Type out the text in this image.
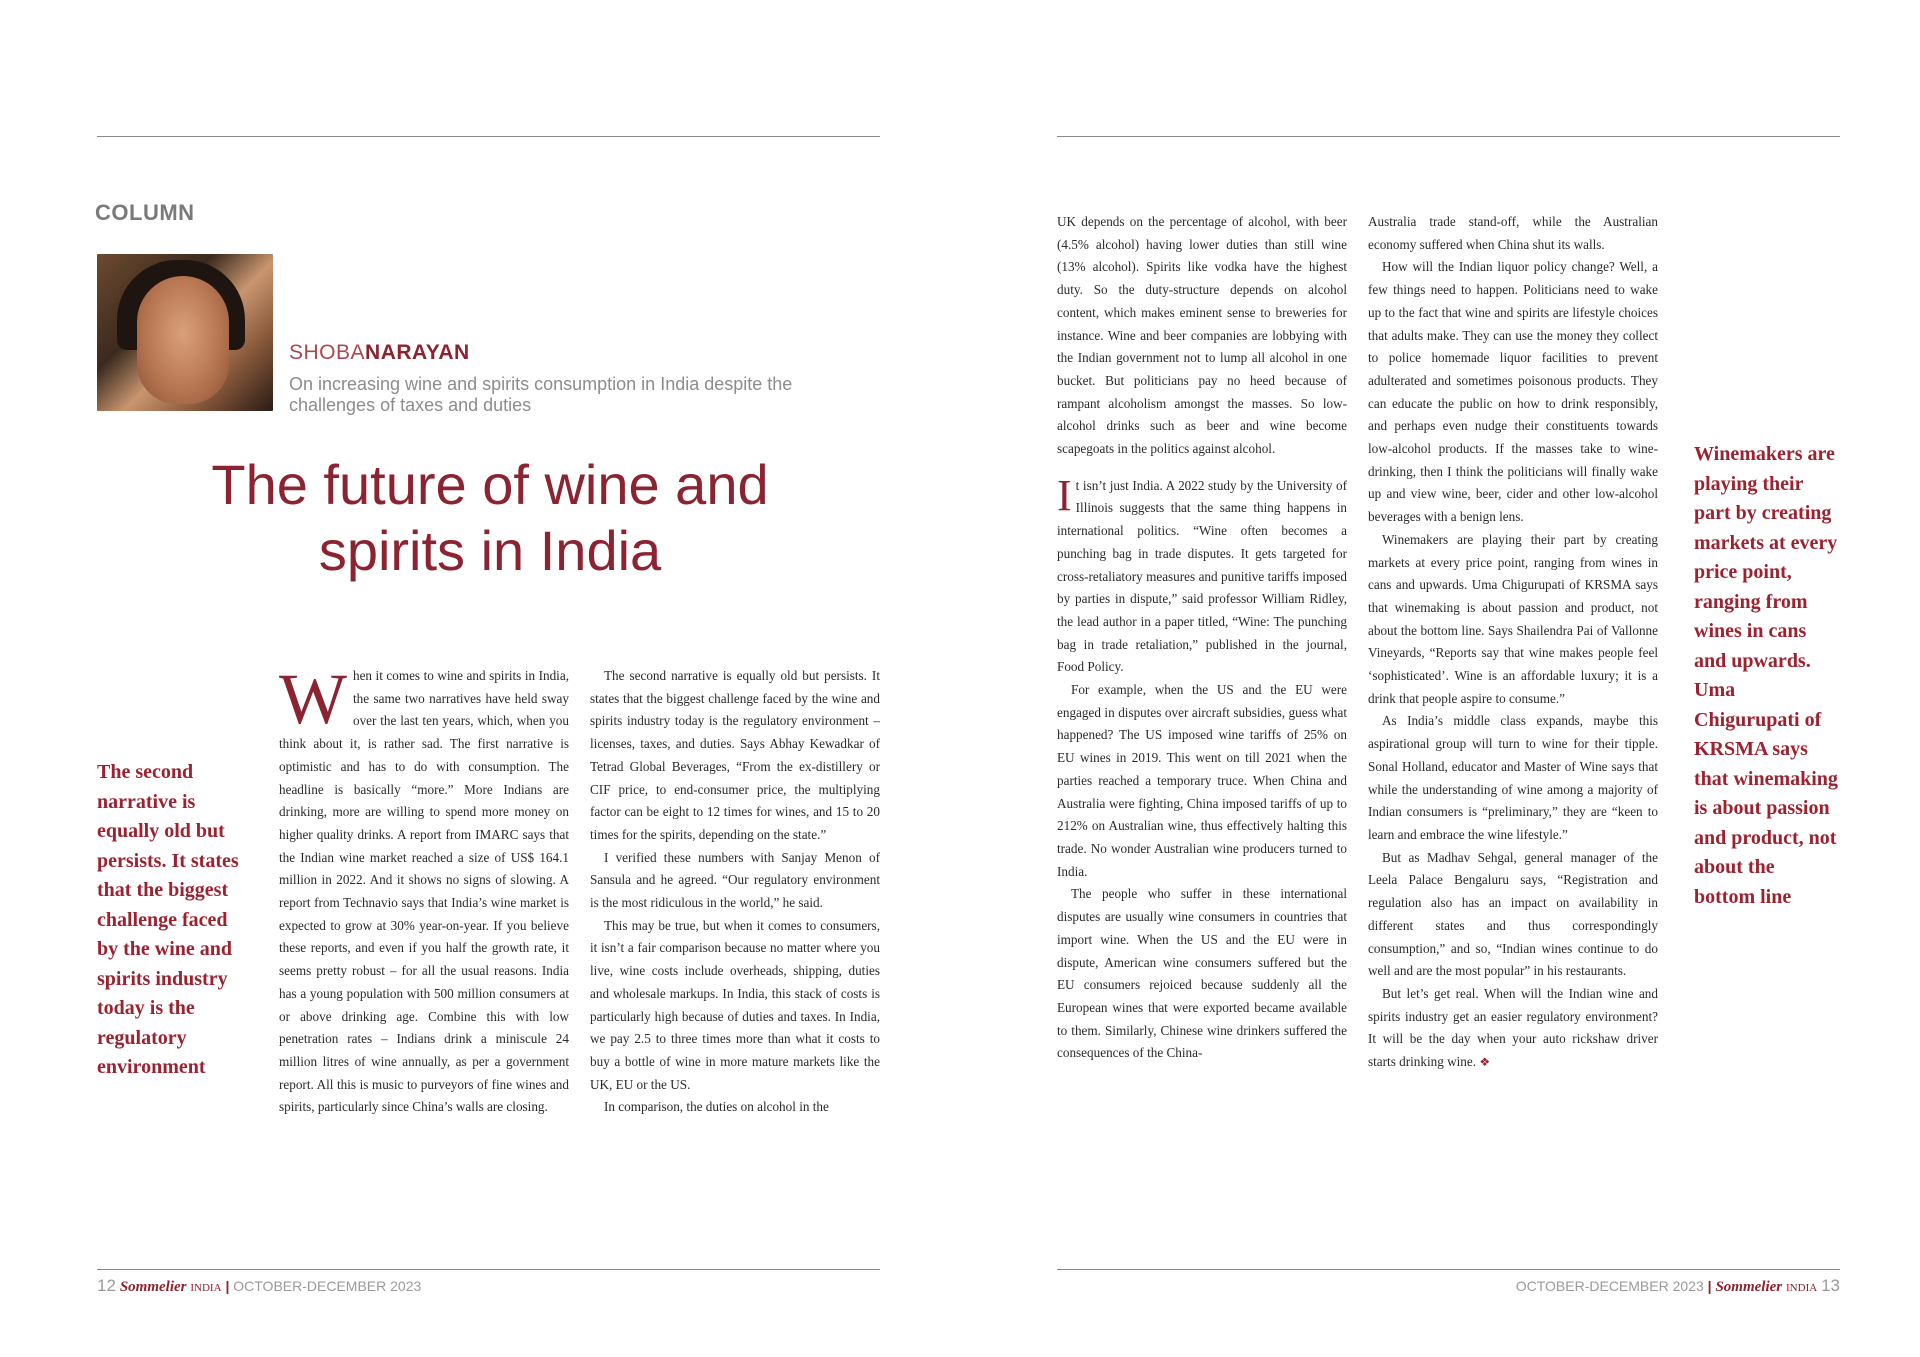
COLUMN
SHOBANARAYAN
On increasing wine and spirits consumption in India despite the challenges of taxes and duties
The future of wine and
spirits in India
The second narrative is equally old but persists. It states that the biggest challenge faced by the wine and spirits industry today is the regulatory environment

When it comes to wine and spirits in India, the same two narratives have held sway over the last ten years, which, when you think about it, is rather sad. The first narrative is optimistic and has to do with consumption. The headline is basically “more.” More Indians are drinking, more are willing to spend more money on higher quality drinks. A report from IMARC says that the Indian wine market reached a size of US$ 164.1 million in 2022. And it shows no signs of slowing. A report from Technavio says that India’s wine market is expected to grow at 30% year-on-year. If you believe these reports, and even if you half the growth rate, it seems pretty robust – for all the usual reasons. India has a young population with 500 million consumers at or above drinking age. Combine this with low penetration rates – Indians drink a miniscule 24 million litres of wine annually, as per a government report. All this is music to purveyors of fine wines and spirits, particularly since China’s walls are closing.

The second narrative is equally old but persists. It states that the biggest challenge faced by the wine and spirits industry today is the regulatory environment – licenses, taxes, and duties. Says Abhay Kewadkar of Tetrad Global Beverages, “From the ex-distillery or CIF price, to end-consumer price, the multiplying factor can be eight to 12 times for wines, and 15 to 20 times for the spirits, depending on the state.”

I verified these numbers with Sanjay Menon of Sansula and he agreed. “Our regulatory environment is the most ridiculous in the world,” he said.

This may be true, but when it comes to consumers, it isn’t a fair comparison because no matter where you live, wine costs include overheads, shipping, duties and wholesale markups. In India, this stack of costs is particularly high because of duties and taxes. In India, we pay 2.5 to three times more than what it costs to buy a bottle of wine in more mature markets like the UK, EU or the US.

In comparison, the duties on alcohol in the

12 Sommelier INDIA | OCTOBER-DECEMBER 2023

UK depends on the percentage of alcohol, with beer (4.5% alcohol) having lower duties than still wine (13% alcohol). Spirits like vodka have the highest duty. So the duty-structure depends on alcohol content, which makes eminent sense to breweries for instance. Wine and beer companies are lobbying with the Indian government not to lump all alcohol in one bucket. But politicians pay no heed because of rampant alcoholism amongst the masses. So low-alcohol drinks such as beer and wine become scapegoats in the politics against alcohol.

It isn’t just India. A 2022 study by the University of Illinois suggests that the same thing happens in international politics. “Wine often becomes a punching bag in trade disputes. It gets targeted for cross-retaliatory measures and punitive tariffs imposed by parties in dispute,” said professor William Ridley, the lead author in a paper titled, “Wine: The punching bag in trade retaliation,” published in the journal, Food Policy.

For example, when the US and the EU were engaged in disputes over aircraft subsidies, guess what happened? The US imposed wine tariffs of 25% on EU wines in 2019. This went on till 2021 when the parties reached a temporary truce. When China and Australia were fighting, China imposed tariffs of up to 212% on Australian wine, thus effectively halting this trade. No wonder Australian wine producers turned to India.

The people who suffer in these international disputes are usually wine consumers in countries that import wine. When the US and the EU were in dispute, American wine consumers suffered but the EU consumers rejoiced because suddenly all the European wines that were exported became available to them. Similarly, Chinese wine drinkers suffered the consequences of the China-

Australia trade stand-off, while the Australian economy suffered when China shut its walls.

How will the Indian liquor policy change? Well, a few things need to happen. Politicians need to wake up to the fact that wine and spirits are lifestyle choices that adults make. They can use the money they collect to police homemade liquor facilities to prevent adulterated and sometimes poisonous products. They can educate the public on how to drink responsibly, and perhaps even nudge their constituents towards low-alcohol products. If the masses take to wine-drinking, then I think the politicians will finally wake up and view wine, beer, cider and other low-alcohol beverages with a benign lens.

Winemakers are playing their part by creating markets at every price point, ranging from wines in cans and upwards. Uma Chigurupati of KRSMA says that winemaking is about passion and product, not about the bottom line. Says Shailendra Pai of Vallonne Vineyards, “Reports say that wine makes people feel ‘sophisticated’. Wine is an affordable luxury; it is a drink that people aspire to consume.”

As India’s middle class expands, maybe this aspirational group will turn to wine for their tipple. Sonal Holland, educator and Master of Wine says that while the understanding of wine among a majority of Indian consumers is “preliminary,” they are “keen to learn and embrace the wine lifestyle.”

But as Madhav Sehgal, general manager of the Leela Palace Bengaluru says, “Registration and regulation also has an impact on availability in different states and thus correspondingly consumption,” and so, “Indian wines continue to do well and are the most popular” in his restaurants.

But let’s get real. When will the Indian wine and spirits industry get an easier regulatory environment? It will be the day when your auto rickshaw driver starts drinking wine. ❖

Winemakers are playing their part by creating markets at every price point, ranging from wines in cans and upwards. Uma Chigurupati of KRSMA says that winemaking is about passion and product, not about the bottom line
OCTOBER-DECEMBER 2023 | Sommelier INDIA 13
